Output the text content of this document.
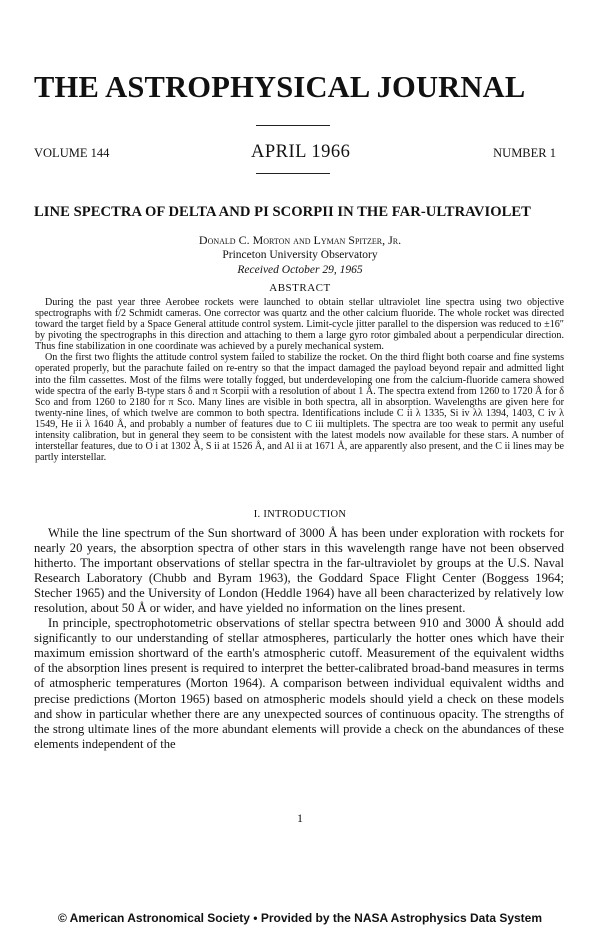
THE ASTROPHYSICAL JOURNAL
VOLUME 144	APRIL 1966	NUMBER 1
LINE SPECTRA OF DELTA AND PI SCORPII IN THE FAR-ULTRAVIOLET
Donald C. Morton and Lyman Spitzer, Jr.
Princeton University Observatory
Received October 29, 1965
ABSTRACT

During the past year three Aerobee rockets were launched to obtain stellar ultraviolet line spectra using two objective spectrographs with f/2 Schmidt cameras. One corrector was quartz and the other calcium fluoride. The whole rocket was directed toward the target field by a Space General attitude control system. Limit-cycle jitter parallel to the dispersion was reduced to ±16″ by pivoting the spectrographs in this direction and attaching to them a large gyro rotor gimbaled about a perpendicular direction. Thus fine stabilization in one coordinate was achieved by a purely mechanical system.

On the first two flights the attitude control system failed to stabilize the rocket. On the third flight both coarse and fine systems operated properly, but the parachute failed on re-entry so that the impact damaged the payload beyond repair and admitted light into the film cassettes. Most of the films were totally fogged, but underdeveloping one from the calcium-fluoride camera showed wide spectra of the early B-type stars δ and π Scorpii with a resolution of about 1 Å. The spectra extend from 1260 to 1720 Å for δ Sco and from 1260 to 2180 for π Sco. Many lines are visible in both spectra, all in absorption. Wavelengths are given here for twenty-nine lines, of which twelve are common to both spectra. Identifications include C ii λ 1335, Si iv λλ 1394, 1403, C iv λ 1549, He ii λ 1640 Å, and probably a number of features due to C iii multiplets. The spectra are too weak to permit any useful intensity calibration, but in general they seem to be consistent with the latest models now available for these stars. A number of interstellar features, due to O i at 1302 Å, S ii at 1526 Å, and Al ii at 1671 Å, are apparently also present, and the C ii lines may be partly interstellar.

I. INTRODUCTION

While the line spectrum of the Sun shortward of 3000 Å has been under exploration with rockets for nearly 20 years, the absorption spectra of other stars in this wavelength range have not been observed hitherto. The important observations of stellar spectra in the far-ultraviolet by groups at the U.S. Naval Research Laboratory (Chubb and Byram 1963), the Goddard Space Flight Center (Boggess 1964; Stecher 1965) and the University of London (Heddle 1964) have all been characterized by relatively low resolution, about 50 Å or wider, and have yielded no information on the lines present.

In principle, spectrophotometric observations of stellar spectra between 910 and 3000 Å should add significantly to our understanding of stellar atmospheres, particularly the hotter ones which have their maximum emission shortward of the earth's atmospheric cutoff. Measurement of the equivalent widths of the absorption lines present is required to interpret the better-calibrated broad-band measures in terms of atmospheric temperatures (Morton 1964). A comparison between individual equivalent widths and precise predictions (Morton 1965) based on atmospheric models should yield a check on these models and show in particular whether there are any unexpected sources of continuous opacity. The strengths of the strong ultimate lines of the more abundant elements will provide a check on the abundances of these elements independent of the

1
© American Astronomical Society • Provided by the NASA Astrophysics Data System
